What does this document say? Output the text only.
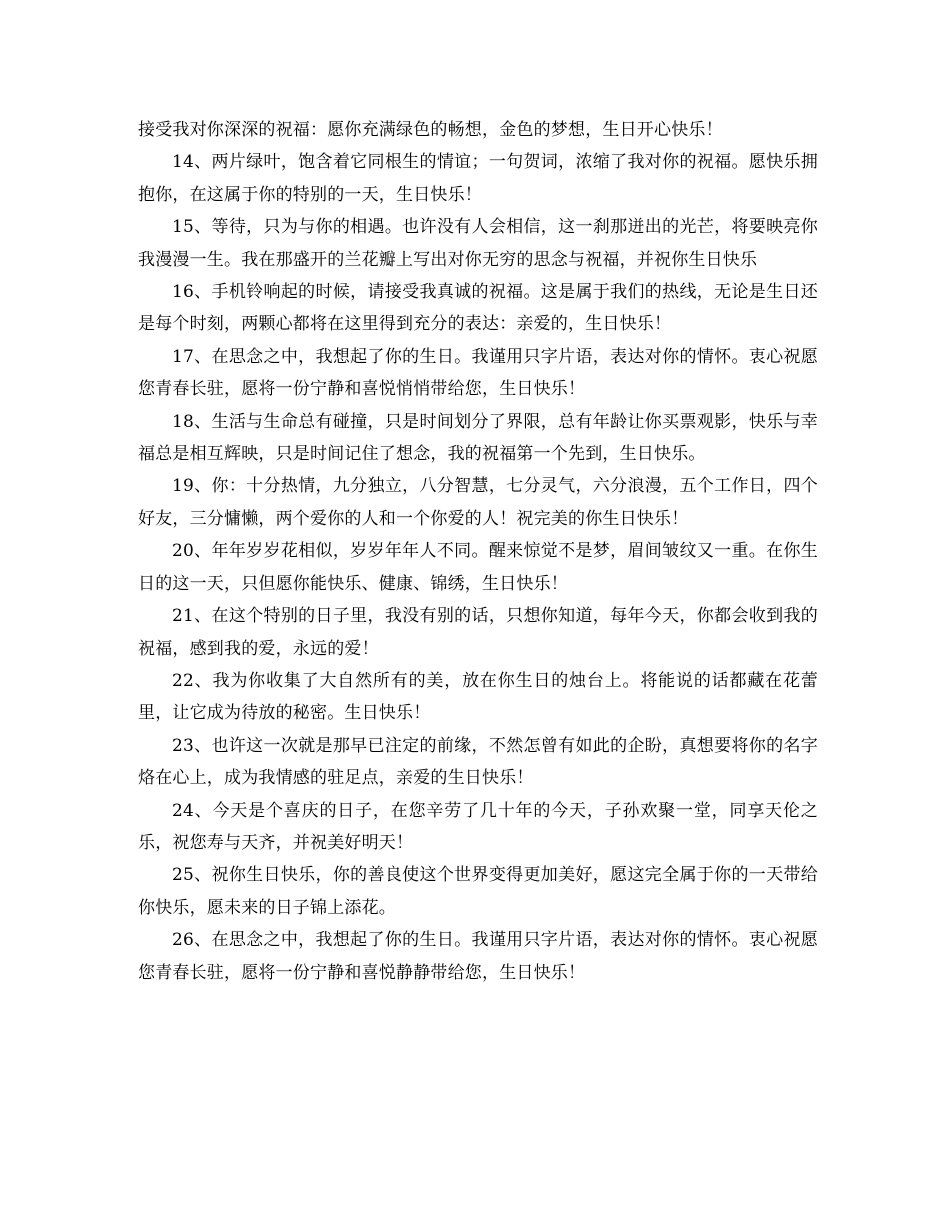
接受我对你深深的祝福：愿你充满绿色的畅想，金色的梦想，生日开心快乐！

14、两片绿叶，饱含着它同根生的情谊；一句贺词，浓缩了我对你的祝福。愿快乐拥抱你，在这属于你的特别的一天，生日快乐！

15、等待，只为与你的相遇。也许没有人会相信，这一刹那迸出的光芒，将要映亮你我漫漫一生。我在那盛开的兰花瓣上写出对你无穷的思念与祝福，并祝你生日快乐

16、手机铃响起的时候，请接受我真诚的祝福。这是属于我们的热线，无论是生日还是每个时刻，两颗心都将在这里得到充分的表达：亲爱的，生日快乐！

17、在思念之中，我想起了你的生日。我谨用只字片语，表达对你的情怀。衷心祝愿您青春长驻，愿将一份宁静和喜悦悄悄带给您，生日快乐！

18、生活与生命总有碰撞，只是时间划分了界限，总有年龄让你买票观影，快乐与幸福总是相互辉映，只是时间记住了想念，我的祝福第一个先到，生日快乐。

19、你：十分热情，九分独立，八分智慧，七分灵气，六分浪漫，五个工作日，四个好友，三分慵懒，两个爱你的人和一个你爱的人！祝完美的你生日快乐！

20、年年岁岁花相似，岁岁年年人不同。醒来惊觉不是梦，眉间皱纹又一重。在你生日的这一天，只但愿你能快乐、健康、锦绣，生日快乐！

21、在这个特别的日子里，我没有别的话，只想你知道，每年今天，你都会收到我的祝福，感到我的爱，永远的爱！

22、我为你收集了大自然所有的美，放在你生日的烛台上。将能说的话都藏在花蕾里，让它成为待放的秘密。生日快乐！

23、也许这一次就是那早已注定的前缘，不然怎曾有如此的企盼，真想要将你的名字烙在心上，成为我情感的驻足点，亲爱的生日快乐！

24、今天是个喜庆的日子，在您辛劳了几十年的今天，子孙欢聚一堂，同享天伦之乐，祝您寿与天齐，并祝美好明天！

25、祝你生日快乐，你的善良使这个世界变得更加美好，愿这完全属于你的一天带给你快乐，愿未来的日子锦上添花。

26、在思念之中，我想起了你的生日。我谨用只字片语，表达对你的情怀。衷心祝愿您青春长驻，愿将一份宁静和喜悦静静带给您，生日快乐！
